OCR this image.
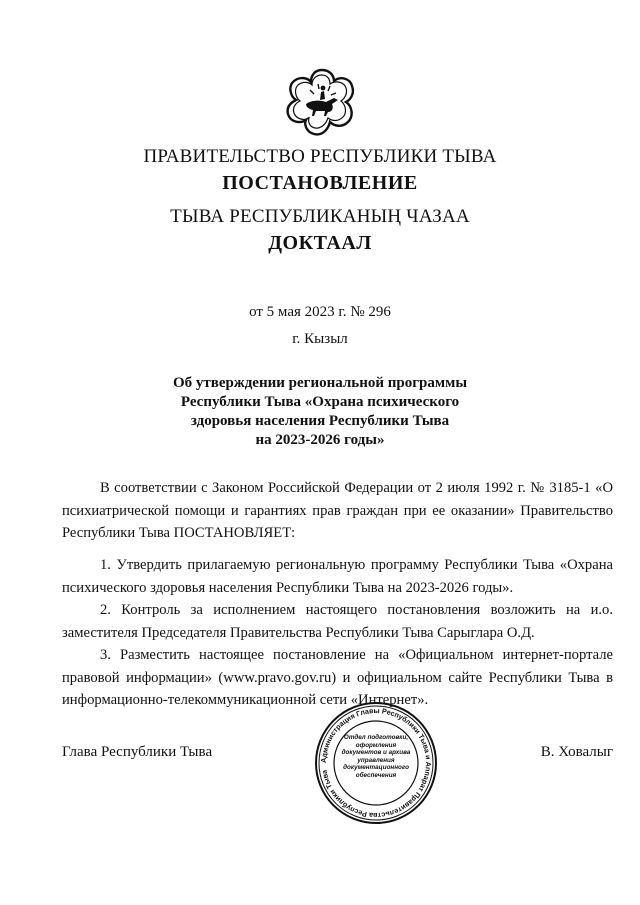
ПРАВИТЕЛЬСТВО РЕСПУБЛИКИ ТЫВА
ПОСТАНОВЛЕНИЕ
ТЫВА РЕСПУБЛИКАНЫҢ ЧАЗАА
ДОКТААЛ
от 5 мая 2023 г. № 296
г. Кызыл
Об утверждении региональной программы
Республики Тыва «Охрана психического
здоровья населения Республики Тыва
на 2023-2026 годы»

В соответствии с Законом Российской Федерации от 2 июля 1992 г. № 3185-1 «О психиатрической помощи и гарантиях прав граждан при ее оказании» Правительство Республики Тыва ПОСТАНОВЛЯЕТ:

1. Утвердить прилагаемую региональную программу Республики Тыва «Охрана психического здоровья населения Республики Тыва на 2023-2026 годы».

2. Контроль за исполнением настоящего постановления возложить на и.о. заместителя Председателя Правительства Республики Тыва Сарыглара О.Д.

3. Разместить настоящее постановление на «Официальном интернет-портале правовой информации» (www.pravo.gov.ru) и официальном сайте Республики Тыва в информационно-телекоммуникационной сети «Интернет».

Глава Республики Тывa	В. Ховалыг
Администрация Главы Республики Тыва и Аппарат Правительства Республики Тыва
Отдел подготовки, оформления документов и архива управления документационного обеспечения
